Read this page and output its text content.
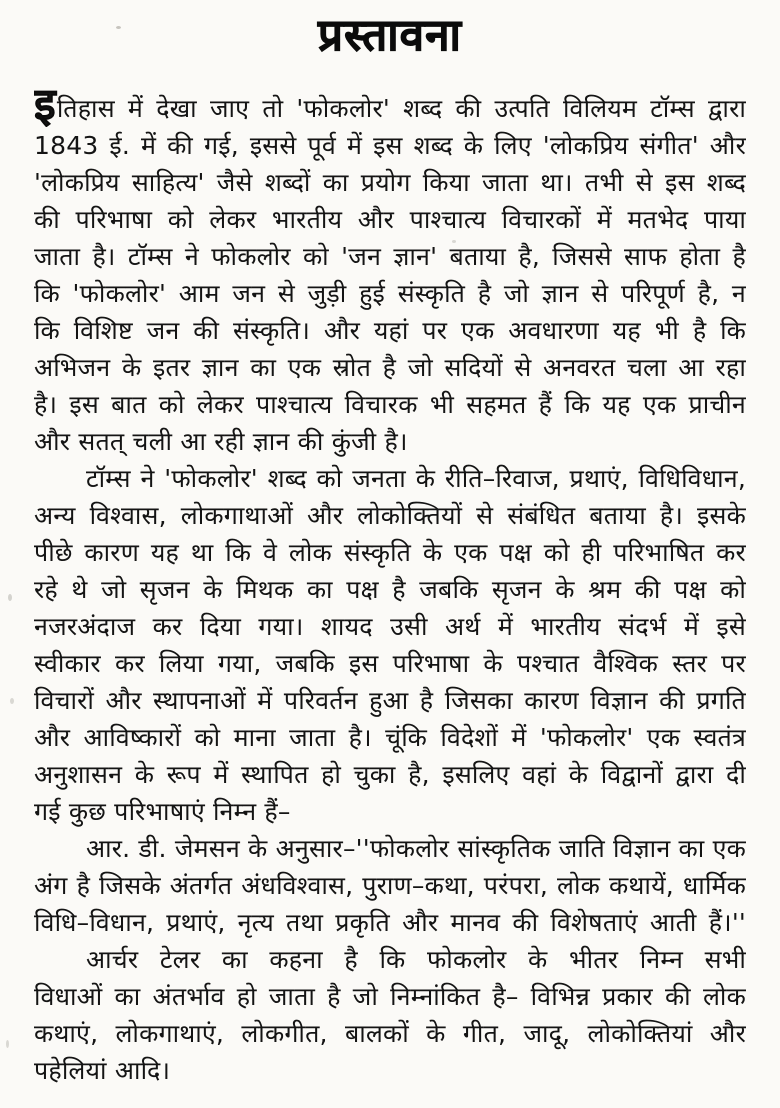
प्रस्तावना
इतिहास में देखा जाए तो 'फोकलोर' शब्द की उत्पति विलियम टॉम्स द्वारा
1843 ई. में की गई, इससे पूर्व में इस शब्द के लिए 'लोकप्रिय संगीत' और
'लोकप्रिय साहित्य' जैसे शब्दों का प्रयोग किया जाता था। तभी से इस शब्द
की परिभाषा को लेकर भारतीय और पाश्चात्य विचारकों में मतभेद पाया
जाता है। टॉम्स ने फोकलोर को 'जन ज्ञान' बताया है, जिससे साफ होता है
कि 'फोकलोर' आम जन से जुड़ी हुई संस्कृति है जो ज्ञान से परिपूर्ण है, न
कि विशिष्ट जन की संस्कृति। और यहां पर एक अवधारणा यह भी है कि
अभिजन के इतर ज्ञान का एक स्रोत है जो सदियों से अनवरत चला आ रहा
है। इस बात को लेकर पाश्चात्य विचारक भी सहमत हैं कि यह एक प्राचीन
और सतत् चली आ रही ज्ञान की कुंजी है।
टॉम्स ने 'फोकलोर' शब्द को जनता के रीति–रिवाज, प्रथाएं, विधिविधान,
अन्य विश्वास, लोकगाथाओं और लोकोक्तियों से संबंधित बताया है। इसके
पीछे कारण यह था कि वे लोक संस्कृति के एक पक्ष को ही परिभाषित कर
रहे थे जो सृजन के मिथक का पक्ष है जबकि सृजन के श्रम की पक्ष को
नजरअंदाज कर दिया गया। शायद उसी अर्थ में भारतीय संदर्भ में इसे
स्वीकार कर लिया गया, जबकि इस परिभाषा के पश्चात वैश्विक स्तर पर
विचारों और स्थापनाओं में परिवर्तन हुआ है जिसका कारण विज्ञान की प्रगति
और आविष्कारों को माना जाता है। चूंकि विदेशों में 'फोकलोर' एक स्वतंत्र
अनुशासन के रूप में स्थापित हो चुका है, इसलिए वहां के विद्वानों द्वारा दी
गई कुछ परिभाषाएं निम्न हैं–
आर. डी. जेमसन के अनुसार–''फोकलोर सांस्कृतिक जाति विज्ञान का एक
अंग है जिसके अंतर्गत अंधविश्वास, पुराण–कथा, परंपरा, लोक कथायें, धार्मिक
विधि–विधान, प्रथाएं, नृत्य तथा प्रकृति और मानव की विशेषताएं आती हैं।''
आर्चर टेलर का कहना है कि फोकलोर के भीतर निम्न सभी
विधाओं का अंतर्भाव हो जाता है जो निम्नांकित है– विभिन्न प्रकार की लोक
कथाएं, लोकगाथाएं, लोकगीत, बालकों के गीत, जादू, लोकोक्तियां और
पहेलियां आदि।
